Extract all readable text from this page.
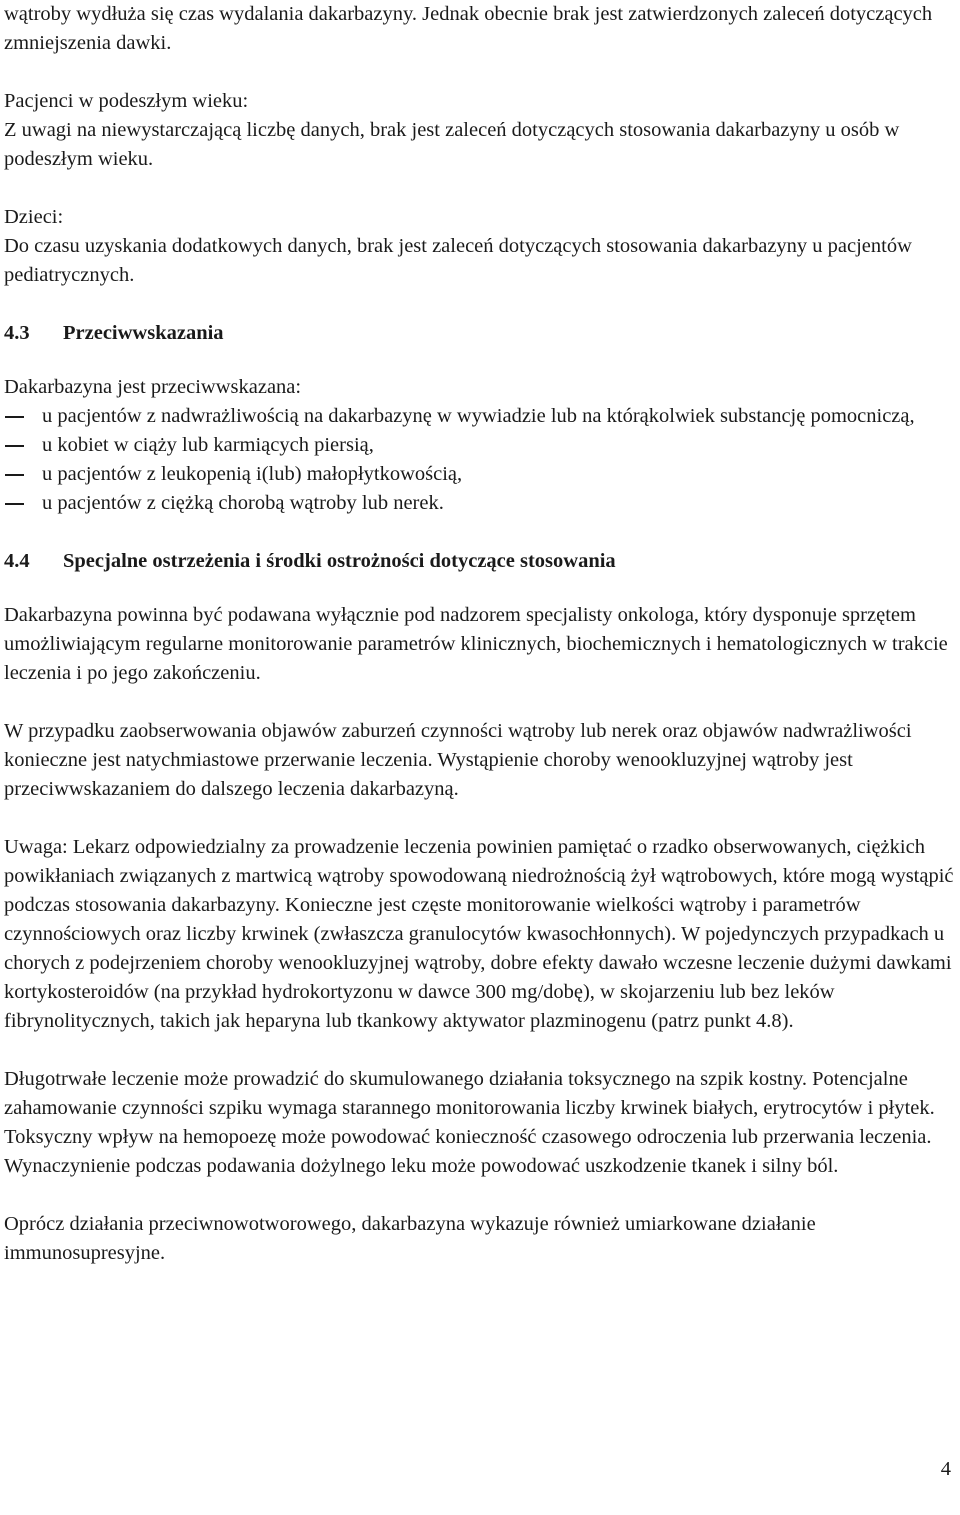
wątroby wydłuża się czas wydalania dakarbazyny. Jednak obecnie brak jest zatwierdzonych zaleceń dotyczących zmniejszenia dawki.

Pacjenci w podeszłym wieku:

Z uwagi na niewystarczającą liczbę danych, brak jest zaleceń dotyczących stosowania dakarbazyny u osób w podeszłym wieku.

Dzieci:

Do czasu uzyskania dodatkowych danych, brak jest zaleceń dotyczących stosowania dakarbazyny u pacjentów pediatrycznych.

4.3	Przeciwwskazania

Dakarbazyna jest przeciwwskazana:

u pacjentów z nadwrażliwością na dakarbazynę w wywiadzie lub na którąkolwiek substancję pomocniczą,
u kobiet w ciąży lub karmiących piersią,
u pacjentów z leukopenią i(lub) małopłytkowością,
u pacjentów z ciężką chorobą wątroby lub nerek.
4.4	Specjalne ostrzeżenia i środki ostrożności dotyczące stosowania

Dakarbazyna powinna być podawana wyłącznie pod nadzorem specjalisty onkologa, który dysponuje sprzętem umożliwiającym regularne monitorowanie parametrów klinicznych, biochemicznych i hematologicznych w trakcie leczenia i po jego zakończeniu.

W przypadku zaobserwowania objawów zaburzeń czynności wątroby lub nerek oraz objawów nadwrażliwości konieczne jest natychmiastowe przerwanie leczenia. Wystąpienie choroby wenookluzyjnej wątroby jest przeciwwskazaniem do dalszego leczenia dakarbazyną.

Uwaga: Lekarz odpowiedzialny za prowadzenie leczenia powinien pamiętać o rzadko obserwowanych, ciężkich powikłaniach związanych z martwicą wątroby spowodowaną niedrożnością żył wątrobowych, które mogą wystąpić podczas stosowania dakarbazyny. Konieczne jest częste monitorowanie wielkości wątroby i parametrów czynnościowych oraz liczby krwinek (zwłaszcza granulocytów kwasochłonnych). W pojedynczych przypadkach u chorych z podejrzeniem choroby wenookluzyjnej wątroby, dobre efekty dawało wczesne leczenie dużymi dawkami kortykosteroidów (na przykład hydrokortyzonu w dawce 300 mg/dobę), w skojarzeniu lub bez leków fibrynolitycznych, takich jak heparyna lub tkankowy aktywator plazminogenu (patrz punkt 4.8).

Długotrwałe leczenie może prowadzić do skumulowanego działania toksycznego na szpik kostny. Potencjalne zahamowanie czynności szpiku wymaga starannego monitorowania liczby krwinek białych, erytrocytów i płytek. Toksyczny wpływ na hemopoezę może powodować konieczność czasowego odroczenia lub przerwania leczenia.

Wynaczynienie podczas podawania dożylnego leku może powodować uszkodzenie tkanek i silny ból.

Oprócz działania przeciwnowotworowego, dakarbazyna wykazuje również umiarkowane działanie immunosupresyjne.

4
